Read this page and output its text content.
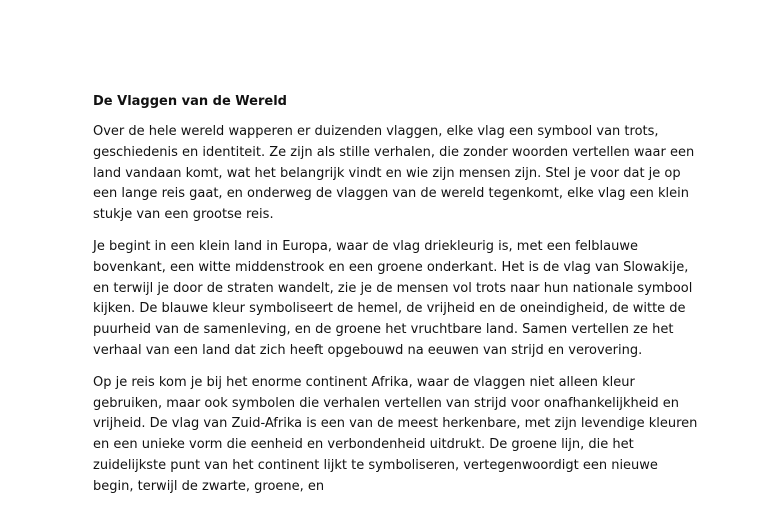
De Vlaggen van de Wereld

Over de hele wereld wapperen er duizenden vlaggen, elke vlag een symbool van trots, geschiedenis en identiteit. Ze zijn als stille verhalen, die zonder woorden vertellen waar een land vandaan komt, wat het belangrijk vindt en wie zijn mensen zijn. Stel je voor dat je op een lange reis gaat, en onderweg de vlaggen van de wereld tegenkomt, elke vlag een klein stukje van een grootse reis.

Je begint in een klein land in Europa, waar de vlag driekleurig is, met een felblauwe bovenkant, een witte middenstrook en een groene onderkant. Het is de vlag van Slowakije, en terwijl je door de straten wandelt, zie je de mensen vol trots naar hun nationale symbool kijken. De blauwe kleur symboliseert de hemel, de vrijheid en de oneindigheid, de witte de puurheid van de samenleving, en de groene het vruchtbare land. Samen vertellen ze het verhaal van een land dat zich heeft opgebouwd na eeuwen van strijd en verovering.

Op je reis kom je bij het enorme continent Afrika, waar de vlaggen niet alleen kleur gebruiken, maar ook symbolen die verhalen vertellen van strijd voor onafhankelijkheid en vrijheid. De vlag van Zuid-Afrika is een van de meest herkenbare, met zijn levendige kleuren en een unieke vorm die eenheid en verbondenheid uitdrukt. De groene lijn, die het zuidelijkste punt van het continent lijkt te symboliseren, vertegenwoordigt een nieuwe begin, terwijl de zwarte, groene, en
